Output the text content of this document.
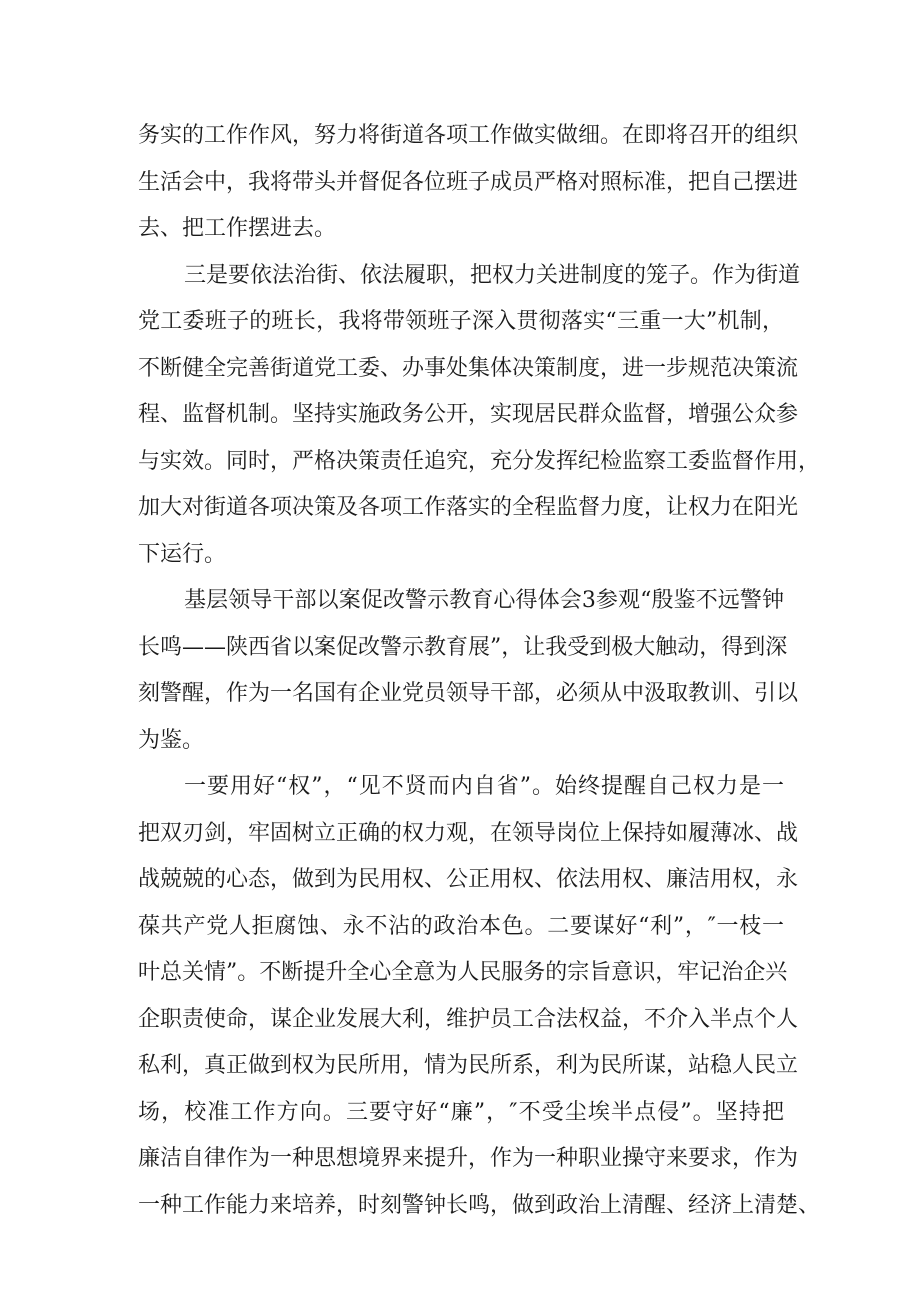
务实的工作作风，努力将街道各项工作做实做细。在即将召开的组织
生活会中，我将带头并督促各位班子成员严格对照标准，把自己摆进
去、把工作摆进去。
三是要依法治街、依法履职，把权力关进制度的笼子。作为街道
党工委班子的班长，我将带领班子深入贯彻落实“三重一大”机制，
不断健全完善街道党工委、办事处集体决策制度，进一步规范决策流
程、监督机制。坚持实施政务公开，实现居民群众监督，增强公众参
与实效。同时，严格决策责任追究，充分发挥纪检监察工委监督作用，
加大对街道各项决策及各项工作落实的全程监督力度，让权力在阳光
下运行。
基层领导干部以案促改警示教育心得体会3参观“殷鉴不远警钟
长鸣——陕西省以案促改警示教育展”，让我受到极大触动，得到深
刻警醒，作为一名国有企业党员领导干部，必须从中汲取教训、引以
为鉴。
一要用好“权”，“见不贤而内自省”。始终提醒自己权力是一
把双刃剑，牢固树立正确的权力观，在领导岗位上保持如履薄冰、战
战兢兢的心态，做到为民用权、公正用权、依法用权、廉洁用权，永
葆共产党人拒腐蚀、永不沾的政治本色。二要谋好“利”，″一枝一
叶总关情”。不断提升全心全意为人民服务的宗旨意识，牢记治企兴
企职责使命，谋企业发展大利，维护员工合法权益，不介入半点个人
私利，真正做到权为民所用，情为民所系，利为民所谋，站稳人民立
场，校准工作方向。三要守好“廉”，″不受尘埃半点侵”。坚持把
廉洁自律作为一种思想境界来提升，作为一种职业操守来要求，作为
一种工作能力来培养，时刻警钟长鸣，做到政治上清醒、经济上清楚、
